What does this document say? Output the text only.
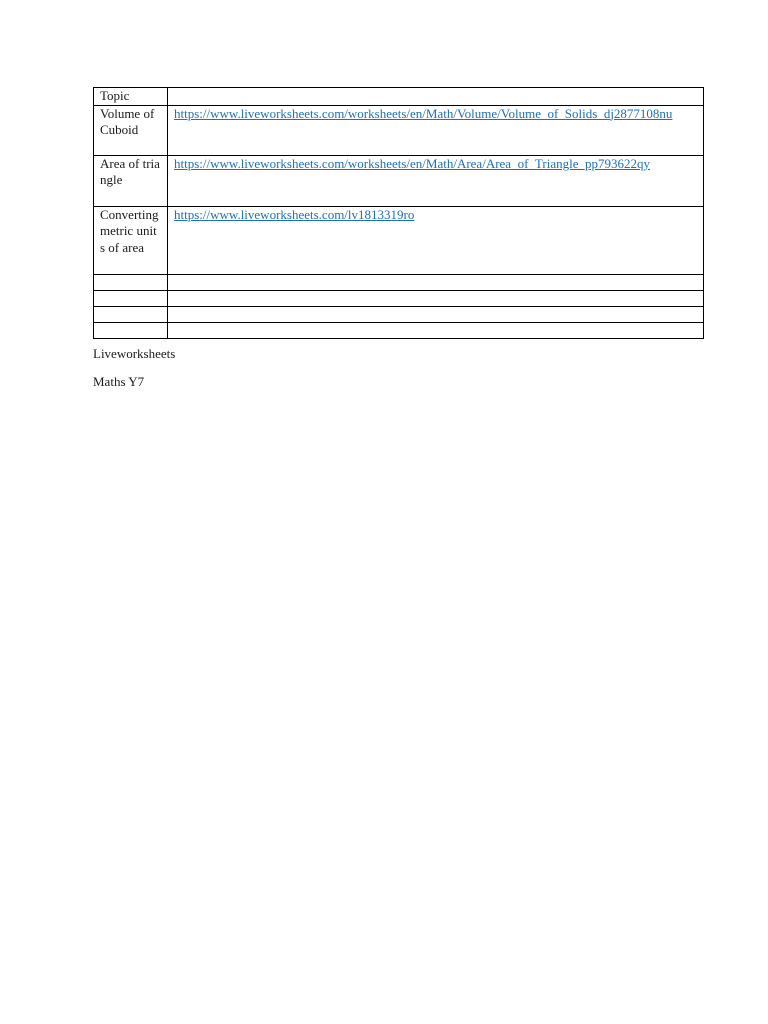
Topic	
Volume of Cuboid	https://www.liveworksheets.com/worksheets/en/Math/Volume/Volume_of_Solids_dj2877108nu
Area of triangle	https://www.liveworksheets.com/worksheets/en/Math/Area/Area_of_Triangle_pp793622qy
Converting metric units of area	https://www.liveworksheets.com/lv1813319ro

Liveworksheets
Maths Y7
